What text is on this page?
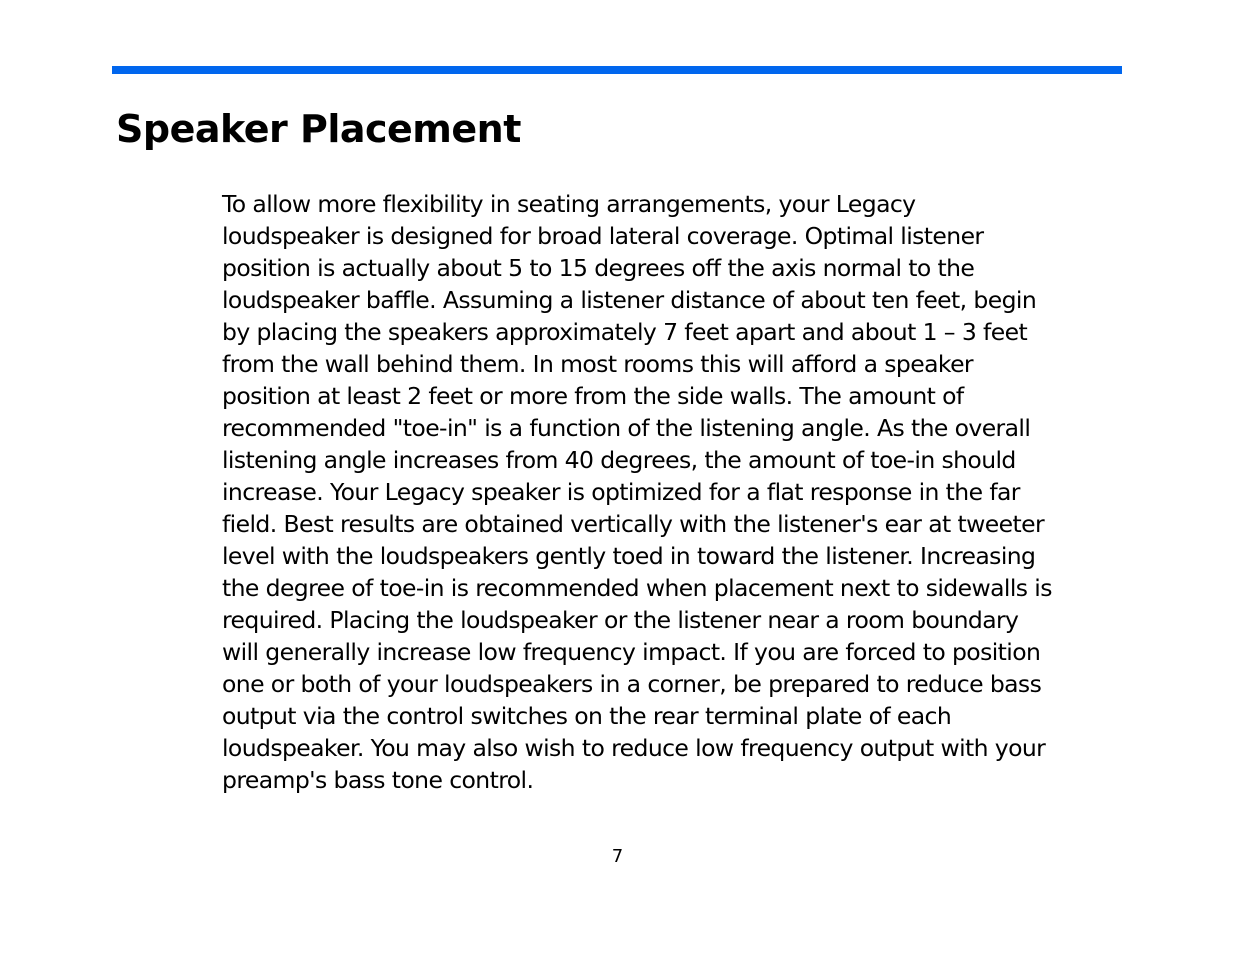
Speaker Placement
To allow more flexibility in seating arrangements, your Legacy
loudspeaker is designed for broad lateral coverage. Optimal listener
position is actually about 5 to 15 degrees off the axis normal to the
loudspeaker baffle. Assuming a listener distance of about ten feet, begin
by placing the speakers approximately 7 feet apart and about 1 – 3 feet
from the wall behind them. In most rooms this will afford a speaker
position at least 2 feet or more from the side walls. The amount of
recommended "toe-in" is a function of the listening angle. As the overall
listening angle increases from 40 degrees, the amount of toe-in should
increase. Your Legacy speaker is optimized for a flat response in the far
field. Best results are obtained vertically with the listener's ear at tweeter
level with the loudspeakers gently toed in toward the listener. Increasing
the degree of toe-in is recommended when placement next to sidewalls is
required. Placing the loudspeaker or the listener near a room boundary
will generally increase low frequency impact. If you are forced to position
one or both of your loudspeakers in a corner, be prepared to reduce bass
output via the control switches on the rear terminal plate of each
loudspeaker. You may also wish to reduce low frequency output with your
preamp's bass tone control.
7
